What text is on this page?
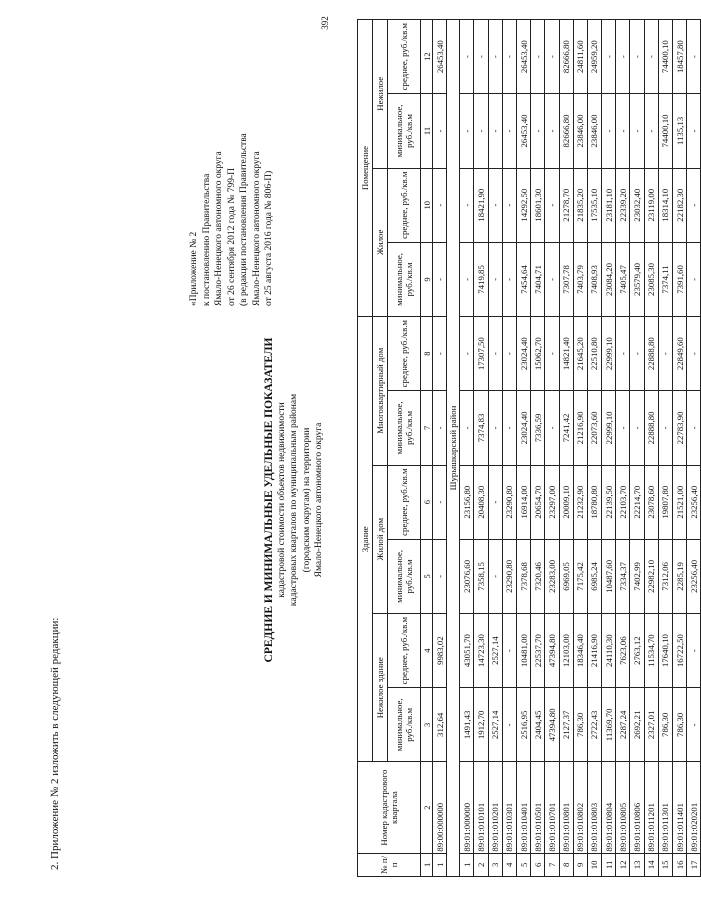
392
2. Приложение № 2 изложить в следующей редакции:
«Приложение № 2 к постановлению Правительства Ямало-Ненецкого автономного округа от 26 сентября 2012 года № 799-П (в редакции постановления Правительства Ямало-Ненецкого автономного округа от 25 августа 2016 года № 806-П)
СРЕДНИЕ И МИНИМАЛЬНЫЕ УДЕЛЬНЫЕ ПОКАЗАТЕЛИ кадастровой стоимости объектов недвижимости кадастровых кварталов по муниципальным районам (городским округам) на территории Ямало-Ненецкого автономного округа
№ п/п	Номер кадастрового квартала	Здание						Помещение			
		Нежилое здание		Жилой дом		Многоквартирный дом		Жилое		Нежилое	
		минимальное, руб./кв.м	среднее, руб./кв.м	минимальное, руб./кв.м	среднее, руб./кв.м	минимальное, руб./кв.м	среднее, руб./кв.м	минимальное, руб./кв.м	среднее, руб./кв.м	минимальное, руб./кв.м	среднее, руб./кв.м
1	2	3	4	5	6	7	8	9	10	11	12
1	89:00:000000	312,64	9983,02	-	-	-	-	-	-	-	26453,40
Шурышкарский район											
1	89:01:000000	1491,43	43051,70	23076,60	23156,80	-	-	-	-	-	-
2	89:01:010101	1912,70	14723,30	7358,15	20408,30	7374,83	17307,50	7419,85	18421,90	-	-
3	89:01:010201	2527,14	2527,14	-	-	-	-	-	-	-	-
4	89:01:010301	-	-	23290,80	23290,80	-	-	-	-	-	-
5	89:01:010401	2516,95	10481,00	7378,68	16914,00	23024,40	23024,40	7454,64	14292,50	26453,40	26453,40
6	89:01:010501	2404,45	22537,70	7320,46	20654,70	7336,59	15062,70	7404,71	18601,30	-	-
7	89:01:010701	47394,80	47394,80	23283,00	23297,00	-	-	-	-	-	-
8	89:01:010801	2127,37	12103,00	6969,05	20009,10	7241,42	14821,40	7307,78	21278,70	82666,80	82666,80
9	89:01:010802	786,30	18346,40	7175,42	21232,90	21216,90	21645,20	7403,79	21835,20	23846,00	24811,60
10	89:01:010803	2722,43	21416,90	6985,24	18780,80	22073,60	22510,80	7408,93	17535,10	23846,00	24959,20
11	89:01:010804	11369,70	24110,30	10487,60	22139,50	22999,10	22999,10	23084,20	23181,10	-	-
12	89:01:010805	2287,24	7623,06	7334,37	22103,70	-	-	7405,47	22339,20	-	-
13	89:01:010806	2692,21	2763,12	7402,99	22214,70	-	-	23579,40	23032,40	-	-
14	89:01:011201	2327,01	11534,70	22982,10	23078,60	22888,80	22888,80	23085,30	23119,00	-	-
15	89:01:011301	786,30	17640,10	7312,06	19807,80	-	-	7374,11	18314,10	74400,10	74400,10
16	89:01:011401	786,30	16722,50	2285,19	21521,00	22783,90	22849,60	7391,60	22182,30	1135,13	18457,80
17	89:01:020201	-	-	23256,40	23256,40	-	-	-	-	-	-
